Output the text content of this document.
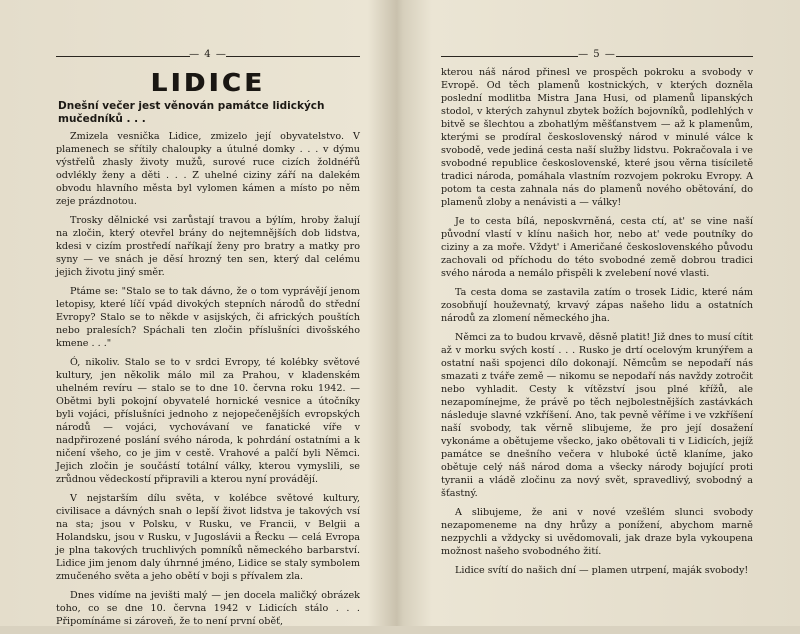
— 4 —
LIDICE
Dnešní večer jest věnován památce lidických mučedníků . . .

Zmizela vesnička Lidice, zmizelo její obyvatelstvo. V plamenech se sřítily chaloupky a útulné domky . . . v dýmu výstřelů zhasly životy mužů, surové ruce cizích žoldnéřů odvlékly ženy a děti . . . Z uhelné ciziny září na dalekém obvodu hlavního města byl vylomen kámen a místo po něm zeje prázdnotou.

Trosky dělnické vsi zarůstají travou a býlím, hroby žalují na zločin, který otevřel brány do nejtemnějších dob lidstva, kdesi v cizím prostředí naříkají ženy pro bratry a matky pro syny — ve snách je děsí hrozný ten sen, který dal celému jejich životu jiný směr.

Ptáme se: "Stalo se to tak dávno, že o tom vyprávějí jenom letopisy, které líčí vpád divokých stepních národů do střední Evropy? Stalo se to někde v asijských, či afrických pouštích nebo pralesích? Spáchali ten zločin příslušníci divošského kmene . . ."

Ó, nikoliv. Stalo se to v srdci Evropy, té kolébky světové kultury, jen několik málo mil za Prahou, v kladenském uhelném revíru — stalo se to dne 10. června roku 1942. — Obětmi byli pokojní obyvatelé hornické vesnice a útočníky byli vojáci, příslušníci jednoho z nejopečenějších evropských národů — vojáci, vychovávaní ve fanatické víře v nadpřirozené poslání svého národa, k pohrdání ostatními a k ničení všeho, co je jim v cestě. Vrahové a palčí byli Němci. Jejich zločin je součástí totální války, kterou vymyslili, se zrůdnou vědeckostí připravili a kterou nyní provádějí.

V nejstarším dílu světa, v kolébce světové kultury, civilisace a dávných snah o lepší život lidstva je takových vsí na sta; jsou v Polsku, v Rusku, ve Francii, v Belgii a Holandsku, jsou v Rusku, v Jugoslávii a Řecku — celá Evropa je plna takových truchlivých pomníků německého barbarství. Lidice jim jenom daly úhrnné jméno, Lidice se staly symbolem zmučeného světa a jeho obětí v boji s přívalem zla.

Dnes vidíme na jevišti malý — jen docela maličký obrázek toho, co se dne 10. června 1942 v Lidicích stálo . . . Připomínáme si zároveň, že to není první oběť,

— 5 —

kterou náš národ přinesl ve prospěch pokroku a svobody v Evropě. Od těch plamenů kostnických, v kterých dozněla poslední modlitba Mistra Jana Husi, od plamenů lipanských stodol, v kterých zahynul zbytek božích bojovníků, podlehlých v bitvě se šlechtou a zbohatlým měšťanstvem — až k plamenům, kterými se prodíral československý národ v minulé válce k svobodě, vede jediná cesta naší služby lidstvu. Pokračovala i ve svobodné republice československé, které jsou věrna tisíciletě tradici národa, pomáhala vlastním rozvojem pokroku Evropy. A potom ta cesta zahnala nás do plamenů nového obětování, do plamenů zloby a nenávisti a — války!

Je to cesta bílá, neposkvrněná, cesta ctí, at' se vine naší původní vlastí v klínu našich hor, nebo at' vede poutníky do ciziny a za moře. Vždyt' i Američané československého původu zachovali od příchodu do této svobodné země dobrou tradici svého národa a nemálo přispěli k zvelebení nové vlasti.

Ta cesta doma se zastavila zatím o trosek Lidic, které nám zosobňují houževnatý, krvavý zápas našeho lidu a ostatních národů za zlomení německého jha.

Němci za to budou krvavě, děsně platit! Již dnes to musí cítit až v morku svých kostí . . . Rusko je drtí ocelovým krunýřem a ostatní naši spojenci dílo dokonají. Němcům se nepodaří nás smazati z tváře země — nikomu se nepodaří nás navždy zotročit nebo vyhladit. Cesty k vítězství jsou plné křížů, ale nezapomínejme, že právě po těch nejbolestnějších zastávkách následuje slavné vzkříšení. Ano, tak pevně věříme i ve vzkříšení naší svobody, tak věrně slibujeme, že pro její dosažení vykonáme a obětujeme všecko, jako obětovali ti v Lidicích, jejíž památce se dnešního večera v hluboké úctě klaníme, jako obětuje celý náš národ doma a všecky národy bojující proti tyranii a vládě zločinu za nový svět, spravedlivý, svobodný a šťastný.

A slibujeme, že ani v nové vzešlém slunci svobody nezapomeneme na dny hrůzy a ponížení, abychom marně nezpychli a vždycky si uvědomovali, jak draze byla vykoupena možnost našeho svobodného žití.

Lidice svítí do našich dní — plamen utrpení, maják svobody!
